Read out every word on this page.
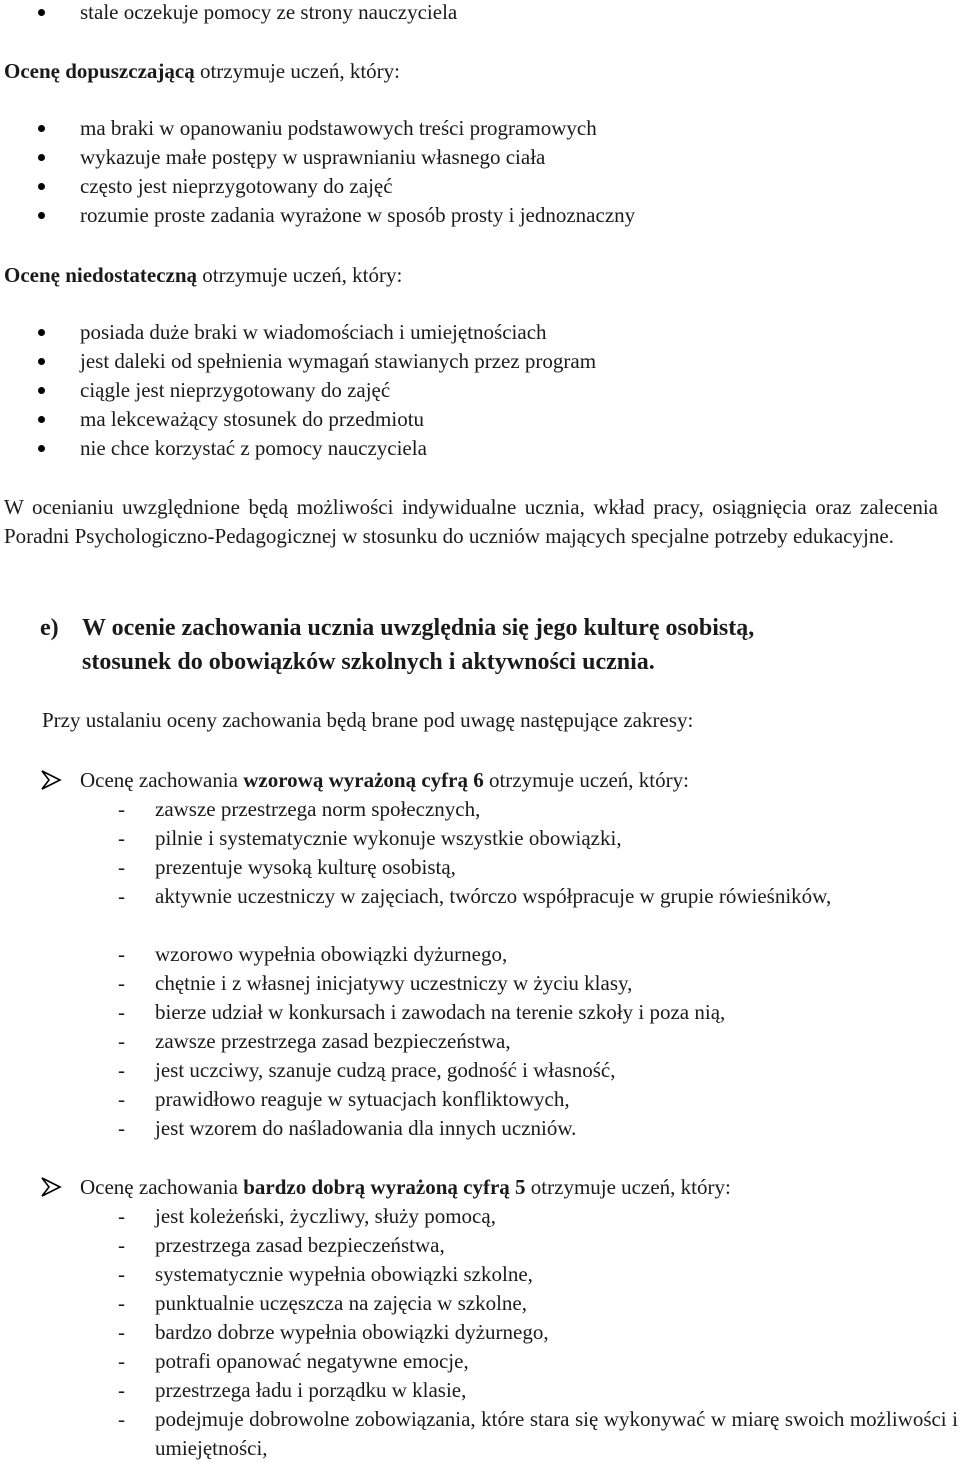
stale oczekuje pomocy ze strony nauczyciela
Ocenę dopuszczającą otrzymuje uczeń, który:
ma braki w opanowaniu podstawowych treści programowych
wykazuje małe postępy w usprawnianiu własnego ciała
często jest nieprzygotowany do zajęć
rozumie proste zadania wyrażone w sposób prosty i jednoznaczny
Ocenę niedostateczną otrzymuje uczeń, który:
posiada duże braki w wiadomościach i umiejętnościach
jest daleki od spełnienia wymagań stawianych przez program
ciągle jest nieprzygotowany do zajęć
ma lekceważący stosunek do przedmiotu
nie chce korzystać z pomocy nauczyciela
W ocenianiu uwzględnione będą możliwości indywidualne ucznia, wkład pracy, osiągnięcia oraz zalecenia Poradni Psychologiczno-Pedagogicznej w stosunku do uczniów mających specjalne potrzeby edukacyjne.
e) W ocenie zachowania ucznia uwzględnia się jego kulturę osobistą,
stosunek do obowiązków szkolnych i aktywności ucznia.
Przy ustalaniu oceny zachowania będą brane pod uwagę następujące zakresy:
Ocenę zachowania wzorową wyrażoną cyfrą 6 otrzymuje uczeń, który:
- zawsze przestrzega norm społecznych,
- pilnie i systematycznie wykonuje wszystkie obowiązki,
- prezentuje wysoką kulturę osobistą,
- aktywnie uczestniczy w zajęciach, twórczo współpracuje w grupie rówieśników,
- wzorowo wypełnia obowiązki dyżurnego,
- chętnie i z własnej inicjatywy uczestniczy w życiu klasy,
- bierze udział w konkursach i zawodach na terenie szkoły i poza nią,
- zawsze przestrzega zasad bezpieczeństwa,
- jest uczciwy, szanuje cudzą prace, godność i własność,
- prawidłowo reaguje w sytuacjach konfliktowych,
- jest wzorem do naśladowania dla innych uczniów.
Ocenę zachowania bardzo dobrą wyrażoną cyfrą 5 otrzymuje uczeń, który:
- jest koleżeński, życzliwy, służy pomocą,
- przestrzega zasad bezpieczeństwa,
- systematycznie wypełnia obowiązki szkolne,
- punktualnie uczęszcza na zajęcia w szkolne,
- bardzo dobrze wypełnia obowiązki dyżurnego,
- potrafi opanować negatywne emocje,
- przestrzega ładu i porządku w klasie,
- podejmuje dobrowolne zobowiązania, które stara się wykonywać w miarę swoich możliwości i umiejętności,
